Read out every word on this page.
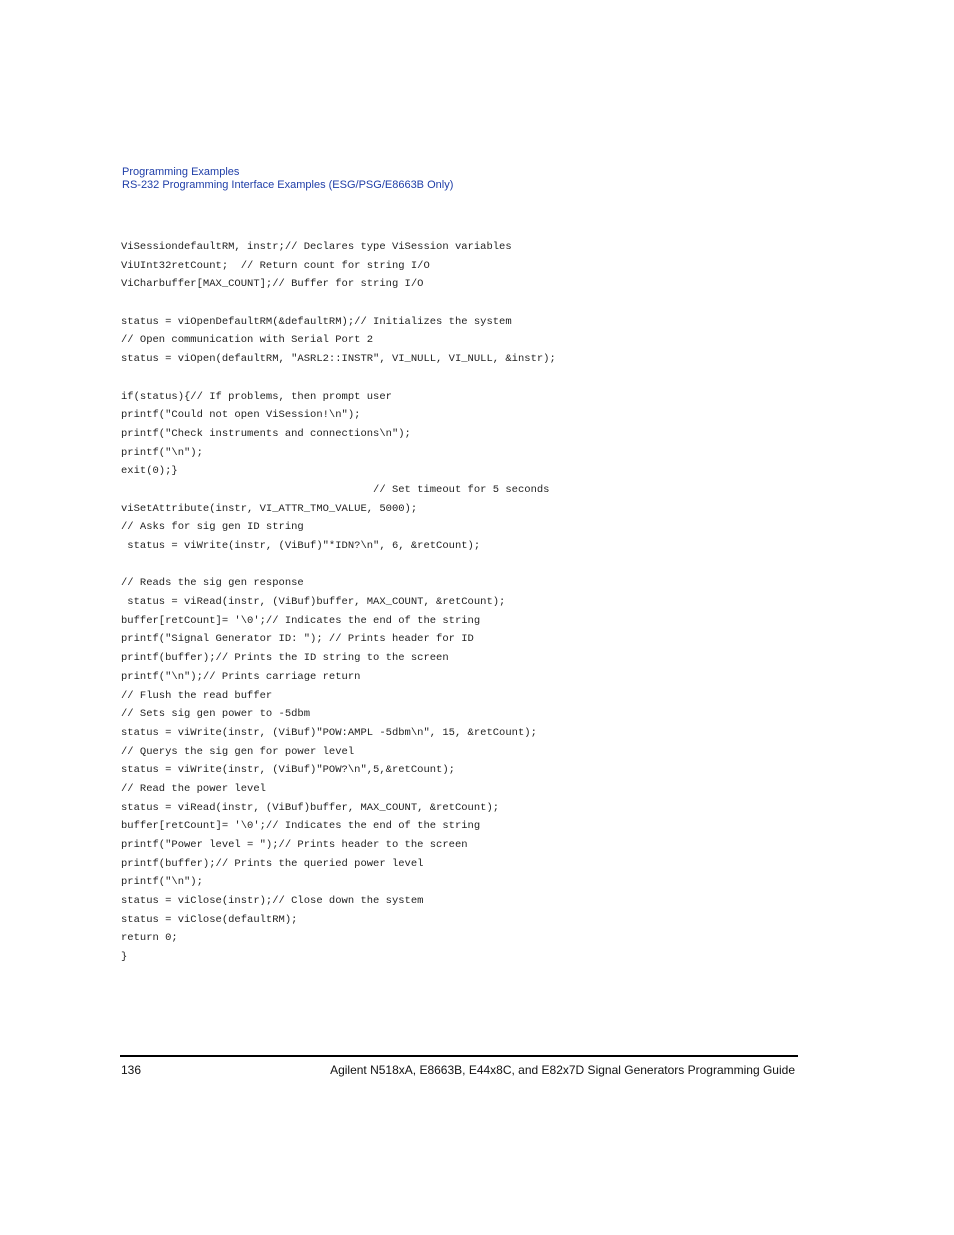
Programming Examples
RS-232 Programming Interface Examples (ESG/PSG/E8663B Only)
ViSessiondefaultRM, instr;// Declares type ViSession variables
ViUInt32retCount;  // Return count for string I/O
ViCharbuffer[MAX_COUNT];// Buffer for string I/O
status = viOpenDefaultRM(&defaultRM);// Initializes the system
// Open communication with Serial Port 2
status = viOpen(defaultRM, "ASRL2::INSTR", VI_NULL, VI_NULL, &instr);
if(status){// If problems, then prompt user
printf("Could not open ViSession!\n");
printf("Check instruments and connections\n");
printf("\n");
exit(0);}
// Set timeout for 5 seconds
viSetAttribute(instr, VI_ATTR_TMO_VALUE, 5000);
// Asks for sig gen ID string
status = viWrite(instr, (ViBuf)"*IDN?\n", 6, &retCount);
// Reads the sig gen response
status = viRead(instr, (ViBuf)buffer, MAX_COUNT, &retCount);
buffer[retCount]= '\0';// Indicates the end of the string
printf("Signal Generator ID: "); // Prints header for ID
printf(buffer);// Prints the ID string to the screen
printf("\n");// Prints carriage return
// Flush the read buffer
// Sets sig gen power to -5dbm
status = viWrite(instr, (ViBuf)"POW:AMPL -5dbm\n", 15, &retCount);
// Querys the sig gen for power level
status = viWrite(instr, (ViBuf)"POW?\n",5,&retCount);
// Read the power level
status = viRead(instr, (ViBuf)buffer, MAX_COUNT, &retCount);
buffer[retCount]= '\0';// Indicates the end of the string
printf("Power level = ");// Prints header to the screen
printf(buffer);// Prints the queried power level
printf("\n");
status = viClose(instr);// Close down the system
status = viClose(defaultRM);
return 0;
}
136	Agilent N518xA, E8663B, E44x8C, and E82x7D Signal Generators Programming Guide
